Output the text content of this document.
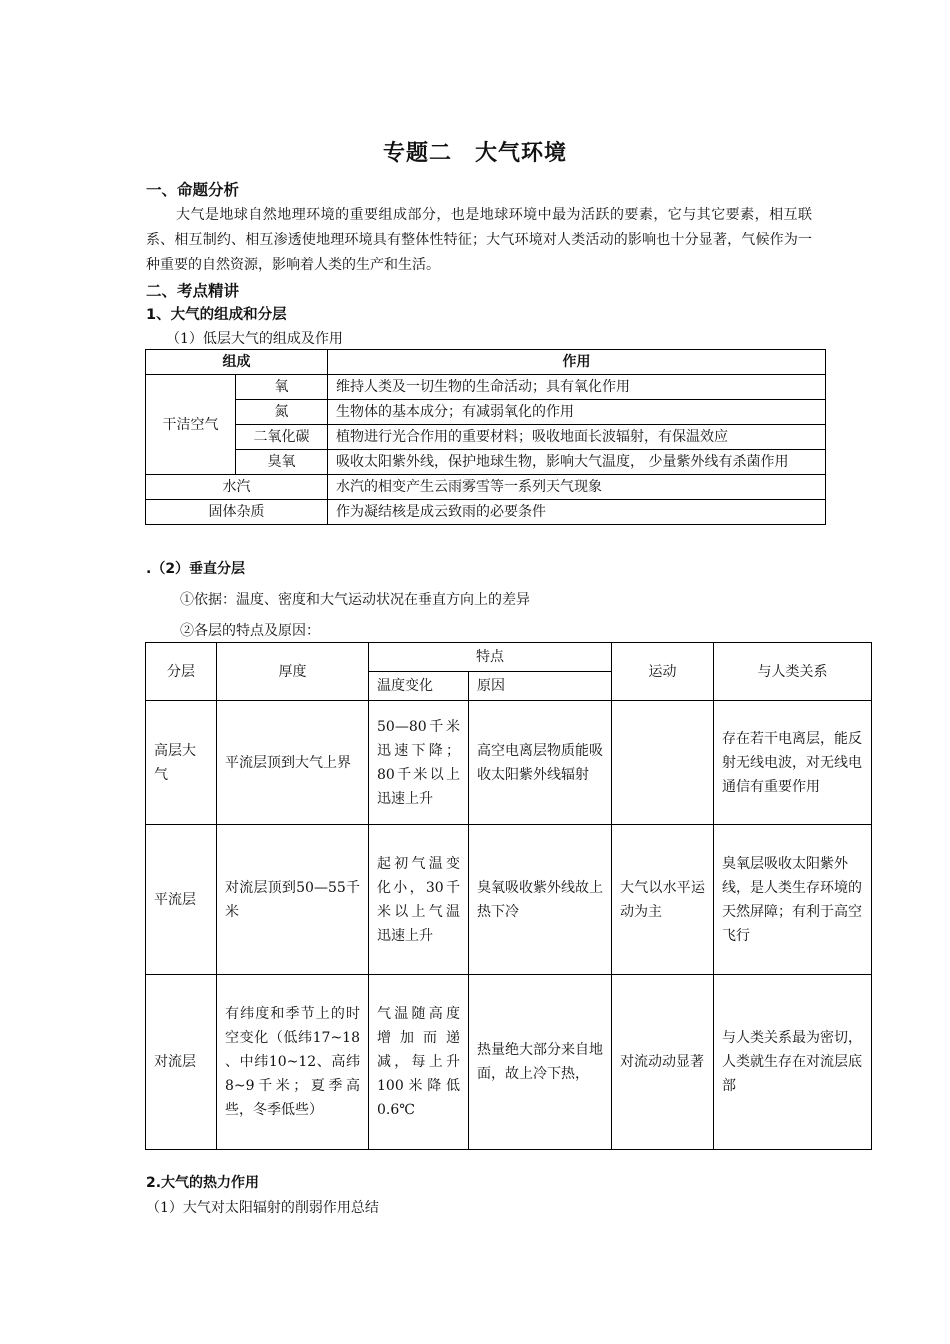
专题二　大气环境
一、命题分析
大气是地球自然地理环境的重要组成部分，也是地球环境中最为活跃的要素，它与其它要素，相互联系、相互制约、相互渗透使地理环境具有整体性特征；大气环境对人类活动的影响也十分显著，气候作为一种重要的自然资源，影响着人类的生产和生活。
二、考点精讲
1、大气的组成和分层
（1）低层大气的组成及作用
组成		作用
干洁空气	氧	维持人类及一切生物的生命活动；具有氧化作用
	氮	生物体的基本成分；有减弱氧化的作用
	二氧化碳	植物进行光合作用的重要材料；吸收地面长波辐射，有保温效应
	臭氧	吸收太阳紫外线，保护地球生物，影响大气温度， 少量紫外线有杀菌作用
水汽		水汽的相变产生云雨雾雪等一系列天气现象
固体杂质		作为凝结核是成云致雨的必要条件
.（2）垂直分层
①依据：温度、密度和大气运动状况在垂直方向上的差异
②各层的特点及原因：
分层	厚度	特点		运动	与人类关系
		温度变化	原因		
高层大气	平流层顶到大气上界	50—80千米迅速下降；80千米以上迅速上升	高空电离层物质能吸收太阳紫外线辐射		存在若干电离层，能反射无线电波，对无线电通信有重要作用
平流层	对流层顶到50—55千米	起初气温变化小，30千米以上气温迅速上升	臭氧吸收紫外线故上热下冷	大气以水平运动为主	臭氧层吸收太阳紫外线，是人类生存环境的天然屏障；有利于高空飞行
对流层	有纬度和季节上的时空变化（低纬17~18 、中纬10~12、高纬8~9千米；夏季高些，冬季低些）	气温随高度增加而递减，每上升100米降低0.6℃	热量绝大部分来自地面，故上冷下热，	对流动动显著	与人类关系最为密切，人类就生存在对流层底部
2.大气的热力作用
（1）大气对太阳辐射的削弱作用总结
